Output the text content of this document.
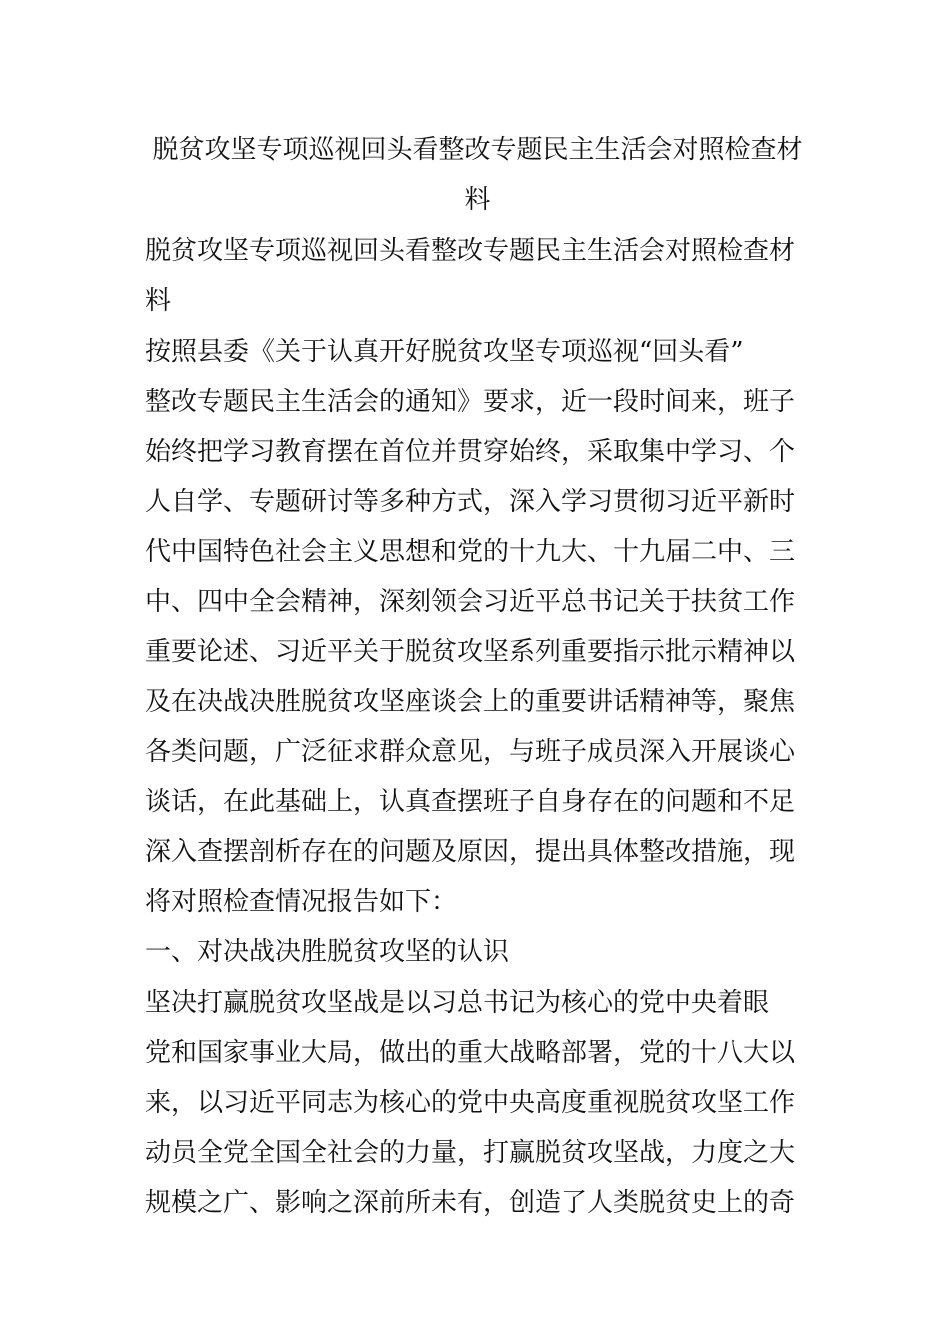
脱贫攻坚专项巡视回头看整改专题民主生活会对照检查材
料
脱贫攻坚专项巡视回头看整改专题民主生活会对照检查材
料
按照县委《关于认真开好脱贫攻坚专项巡视“回头看”
整改专题民主生活会的通知》要求，近一段时间来，班子
始终把学习教育摆在首位并贯穿始终，采取集中学习、个
人自学、专题研讨等多种方式，深入学习贯彻习近平新时
代中国特色社会主义思想和党的十九大、十九届二中、三
中、四中全会精神，深刻领会习近平总书记关于扶贫工作
重要论述、习近平关于脱贫攻坚系列重要指示批示精神以
及在决战决胜脱贫攻坚座谈会上的重要讲话精神等，聚焦
各类问题，广泛征求群众意见，与班子成员深入开展谈心
谈话，在此基础上，认真查摆班子自身存在的问题和不足
深入查摆剖析存在的问题及原因，提出具体整改措施，现
将对照检查情况报告如下：
一、对决战决胜脱贫攻坚的认识
坚决打赢脱贫攻坚战是以习总书记为核心的党中央着眼
党和国家事业大局，做出的重大战略部署，党的十八大以
来，以习近平同志为核心的党中央高度重视脱贫攻坚工作
动员全党全国全社会的力量，打赢脱贫攻坚战，力度之大
规模之广、影响之深前所未有，创造了人类脱贫史上的奇
